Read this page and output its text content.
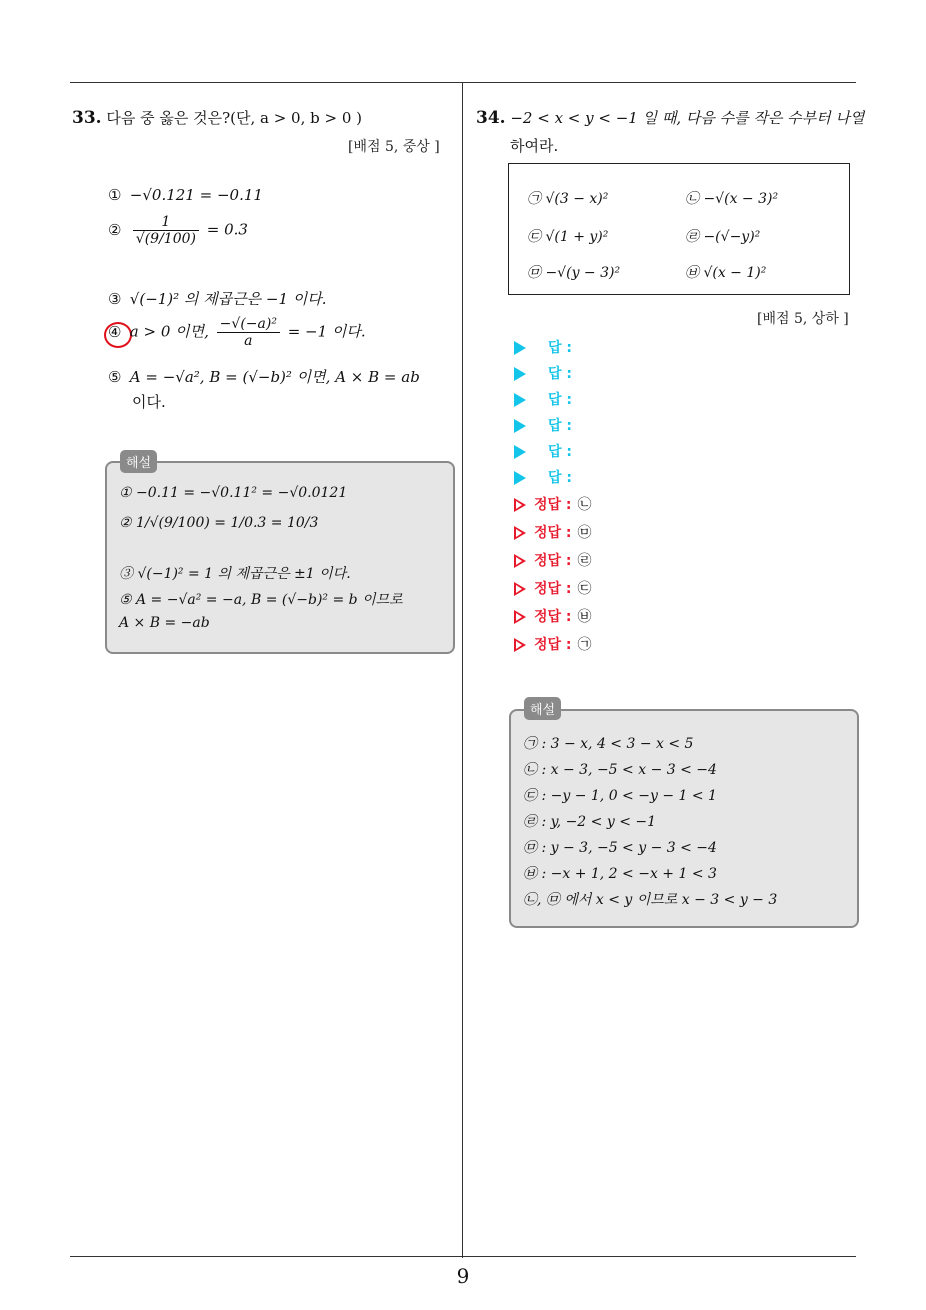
33. 다음 중 옳은 것은?(단, a > 0, b > 0 )
[배점 5, 중상 ]
① −√0.121 = −0.11
② $\frac{1}{√(9/100)} = 0.3$
③ √(−1)² 의 제곱근은 −1 이다.
④ a > 0 이면, $\frac{\text{−√(−a)²}}{a} = -1$ 이다.
⑤ A = −√a², B = (√−b)² 이면, A × B = ab
이다.
① −0.11 = −√0.11² = −√0.0121
② 1/√(9/100) = 1/0.3 = 10/3
③ √(−1)² = 1 의 제곱근은 ±1 이다.
⑤ A = −√a² = −a, B = (√−b)² = b 이므로
A × B = −ab
해설
34. −2 < x < y < −1 일 때, 다음 수를 작은 수부터 나열
하여라.
㉠ √(3 − x)²	㉡ −√(x − 3)²
㉢ √(1 + y)²	㉣ −(√−y)²
㉤ −√(y − 3)²	㉥ √(x − 1)²
[배점 5, 상하 ]
답 :
답 :
답 :
답 :
답 :
답 :
정답 : ㉡
정답 : ㉤
정답 : ㉣
정답 : ㉢
정답 : ㉥
정답 : ㉠
㉠ : 3 − x, 4 < 3 − x < 5
㉡ : x − 3, −5 < x − 3 < −4
㉢ : −y − 1, 0 < −y − 1 < 1
㉣ : y, −2 < y < −1
㉤ : y − 3, −5 < y − 3 < −4
㉥ : −x + 1, 2 < −x + 1 < 3
㉡, ㉤ 에서 x < y 이므로 x − 3 < y − 3
해설
9
